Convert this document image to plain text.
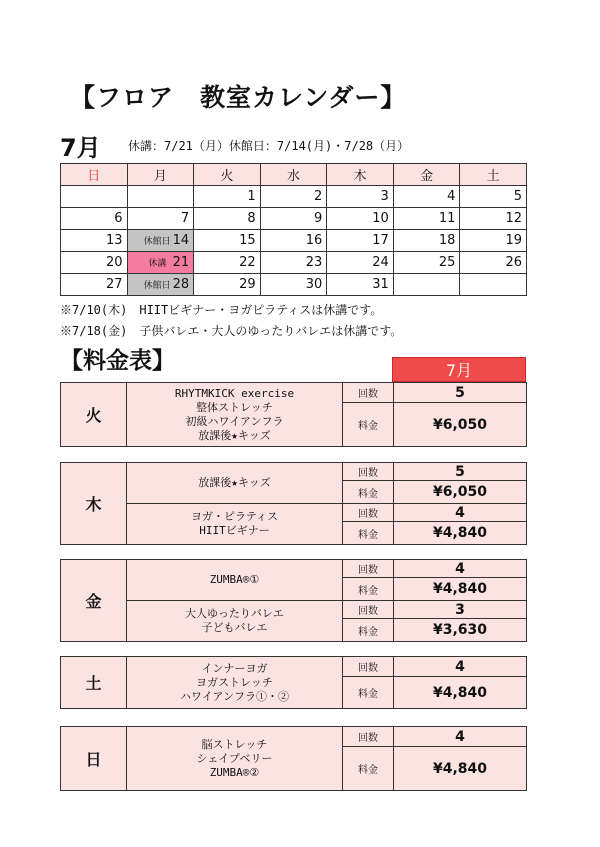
【フロア　教室カレンダー】
7月 休講：7/21（月）休館日：7/14(月)・7/28（月）
日	月	火	水	木	金	土
		1	2	3	4	5
6	7	8	9	10	11	12
13	休館日 14	15	16	17	18	19
20	休講 21	22	23	24	25	26
27	休館日 28	29	30	31		
※7/10(木)　HIITビギナー・ヨガピラティスは休講です。
※7/18(金)　子供バレエ・大人のゆったりバレエは休講です。
【料金表】	7月
火	RHYTMKICK exercise
整体ストレッチ
初級ハワイアンフラ
放課後★キッズ	回数	5
		料金	¥6,050
木	放課後★キッズ	回数	5
		料金	¥6,050

	ヨガ・ピラティス
HIITビギナー	回数	4
		料金	¥4,840
金	ZUMBA®①	回数	4
		料金	¥4,840

	大人ゆったりバレエ
子どもバレエ	回数	3
		料金	¥3,630
土	インナーヨガ
ヨガストレッチ
ハワイアンフラ①・②	回数	4
		料金	¥4,840
日	脳ストレッチ
シェイプベリー
ZUMBA®②	回数	4
		料金	¥4,840
